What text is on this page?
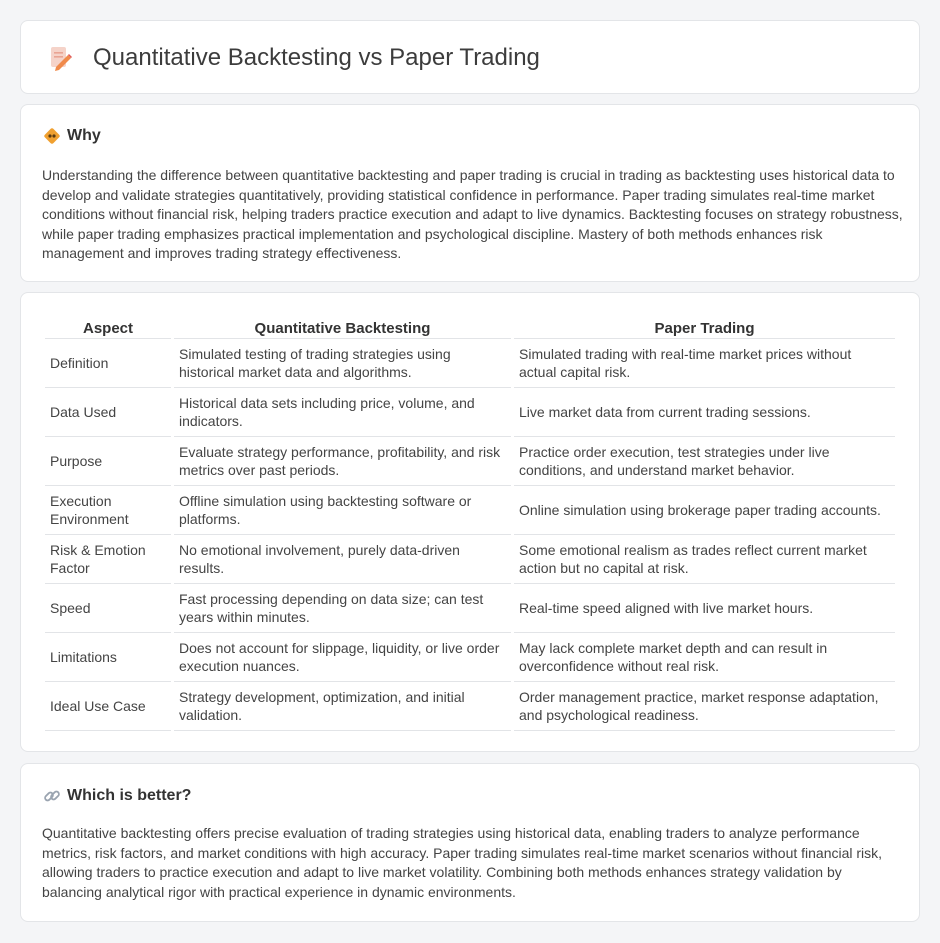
Quantitative Backtesting vs Paper Trading
Why

Understanding the difference between quantitative backtesting and paper trading is crucial in trading as backtesting uses historical data to develop and validate strategies quantitatively, providing statistical confidence in performance. Paper trading simulates real-time market conditions without financial risk, helping traders practice execution and adapt to live dynamics. Backtesting focuses on strategy robustness, while paper trading emphasizes practical implementation and psychological discipline. Mastery of both methods enhances risk management and improves trading strategy effectiveness.

Aspect	Quantitative Backtesting	Paper Trading
Definition	Simulated testing of trading strategies using historical market data and algorithms.	Simulated trading with real-time market prices without actual capital risk.
Data Used	Historical data sets including price, volume, and indicators.	Live market data from current trading sessions.
Purpose	Evaluate strategy performance, profitability, and risk metrics over past periods.	Practice order execution, test strategies under live conditions, and understand market behavior.
Execution Environment	Offline simulation using backtesting software or platforms.	Online simulation using brokerage paper trading accounts.
Risk & Emotion Factor	No emotional involvement, purely data-driven results.	Some emotional realism as trades reflect current market action but no capital at risk.
Speed	Fast processing depending on data size; can test years within minutes.	Real-time speed aligned with live market hours.
Limitations	Does not account for slippage, liquidity, or live order execution nuances.	May lack complete market depth and can result in overconfidence without real risk.
Ideal Use Case	Strategy development, optimization, and initial validation.	Order management practice, market response adaptation, and psychological readiness.
Which is better?

Quantitative backtesting offers precise evaluation of trading strategies using historical data, enabling traders to analyze performance metrics, risk factors, and market conditions with high accuracy. Paper trading simulates real-time market scenarios without financial risk, allowing traders to practice execution and adapt to live market volatility. Combining both methods enhances strategy validation by balancing analytical rigor with practical experience in dynamic environments.
